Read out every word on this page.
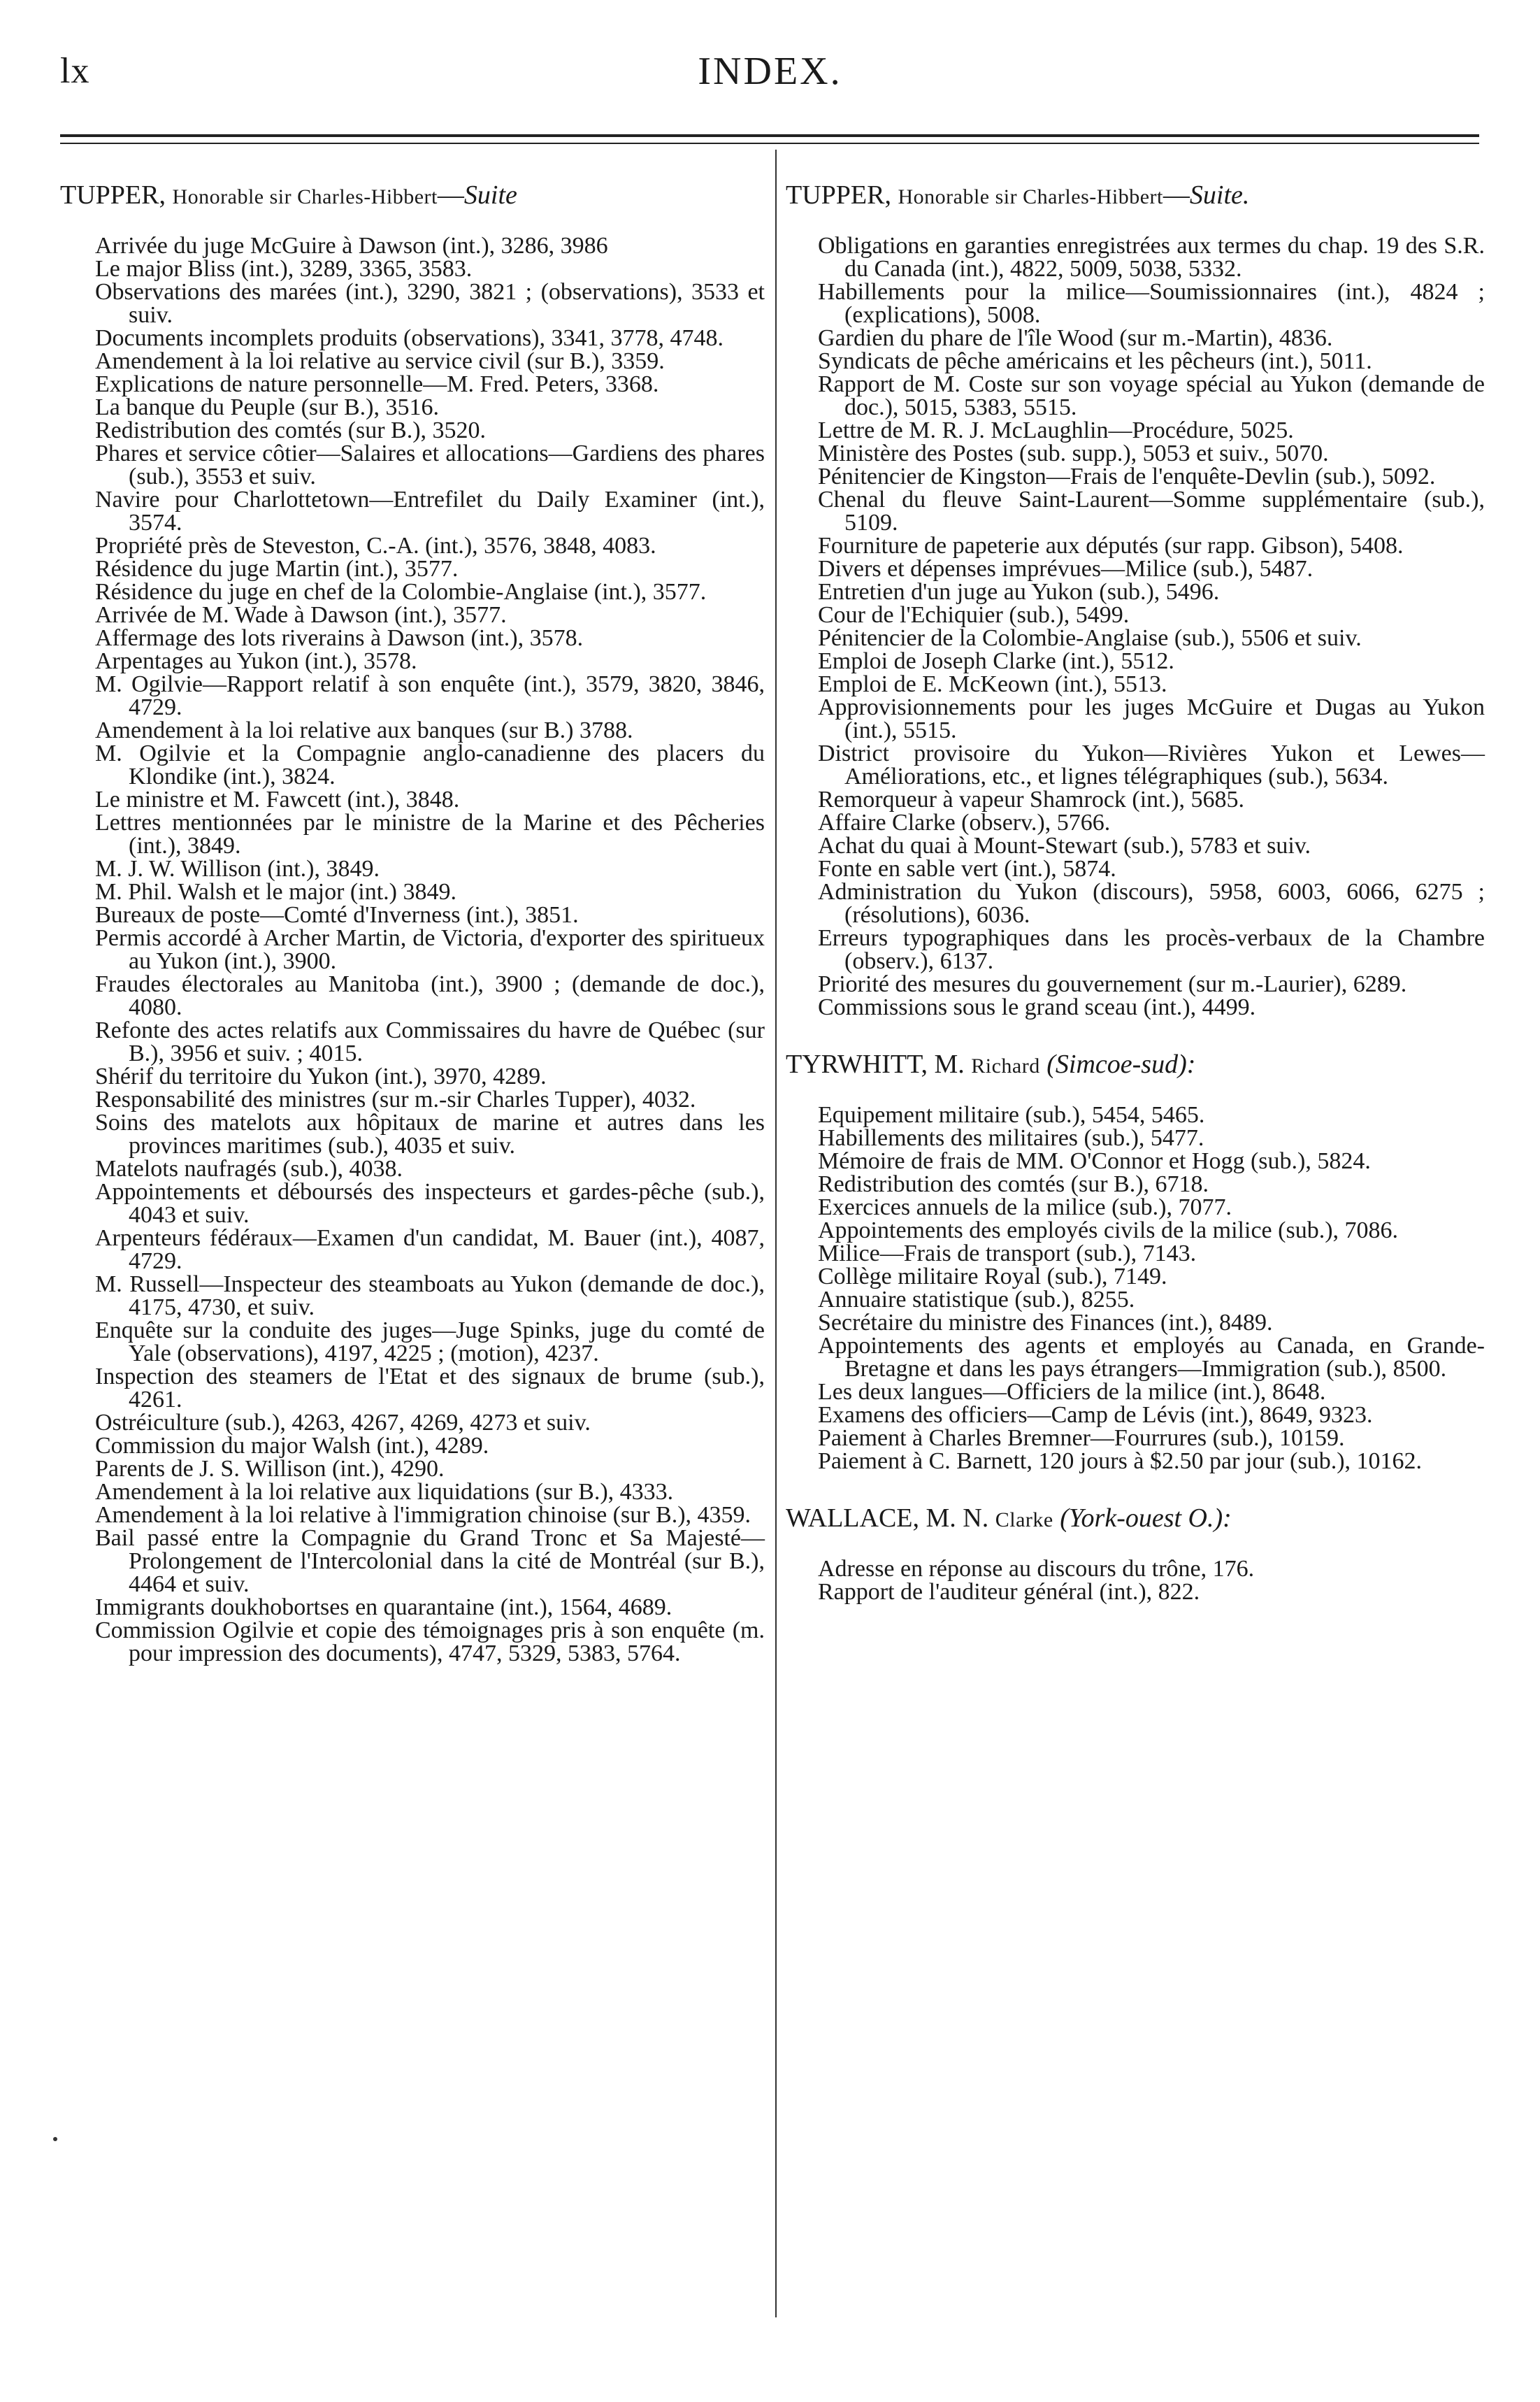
lx	INDEX.
TUPPER, Honorable sir Charles-Hibbert—Suite

Arrivée du juge McGuire à Dawson (int.), 3286, 3986

Le major Bliss (int.), 3289, 3365, 3583.

Observations des marées (int.), 3290, 3821 ; (observations), 3533 et suiv.

Documents incomplets produits (observations), 3341, 3778, 4748.

Amendement à la loi relative au service civil (sur B.), 3359.

Explications de nature personnelle—M. Fred. Peters, 3368.

La banque du Peuple (sur B.), 3516.

Redistribution des comtés (sur B.), 3520.

Phares et service côtier—Salaires et allocations—Gardiens des phares (sub.), 3553 et suiv.

Navire pour Charlottetown—Entrefilet du Daily Examiner (int.), 3574.

Propriété près de Steveston, C.-A. (int.), 3576, 3848, 4083.

Résidence du juge Martin (int.), 3577.

Résidence du juge en chef de la Colombie-Anglaise (int.), 3577.

Arrivée de M. Wade à Dawson (int.), 3577.

Affermage des lots riverains à Dawson (int.), 3578.

Arpentages au Yukon (int.), 3578.

M. Ogilvie—Rapport relatif à son enquête (int.), 3579, 3820, 3846, 4729.

Amendement à la loi relative aux banques (sur B.) 3788.

M. Ogilvie et la Compagnie anglo-canadienne des placers du Klondike (int.), 3824.

Le ministre et M. Fawcett (int.), 3848.

Lettres mentionnées par le ministre de la Marine et des Pêcheries (int.), 3849.

M. J. W. Willison (int.), 3849.

M. Phil. Walsh et le major (int.) 3849.

Bureaux de poste—Comté d'Inverness (int.), 3851.

Permis accordé à Archer Martin, de Victoria, d'exporter des spiritueux au Yukon (int.), 3900.

Fraudes électorales au Manitoba (int.), 3900 ; (demande de doc.), 4080.

Refonte des actes relatifs aux Commissaires du havre de Québec (sur B.), 3956 et suiv. ; 4015.

Shérif du territoire du Yukon (int.), 3970, 4289.

Responsabilité des ministres (sur m.-sir Charles Tupper), 4032.

Soins des matelots aux hôpitaux de marine et autres dans les provinces maritimes (sub.), 4035 et suiv.

Matelots naufragés (sub.), 4038.

Appointements et déboursés des inspecteurs et gardes-pêche (sub.), 4043 et suiv.

Arpenteurs fédéraux—Examen d'un candidat, M. Bauer (int.), 4087, 4729.

M. Russell—Inspecteur des steamboats au Yukon (demande de doc.), 4175, 4730, et suiv.

Enquête sur la conduite des juges—Juge Spinks, juge du comté de Yale (observations), 4197, 4225 ; (motion), 4237.

Inspection des steamers de l'Etat et des signaux de brume (sub.), 4261.

Ostréiculture (sub.), 4263, 4267, 4269, 4273 et suiv.

Commission du major Walsh (int.), 4289.

Parents de J. S. Willison (int.), 4290.

Amendement à la loi relative aux liquidations (sur B.), 4333.

Amendement à la loi relative à l'immigration chinoise (sur B.), 4359.

Bail passé entre la Compagnie du Grand Tronc et Sa Majesté—Prolongement de l'Intercolonial dans la cité de Montréal (sur B.), 4464 et suiv.

Immigrants doukhobortses en quarantaine (int.), 1564, 4689.

Commission Ogilvie et copie des témoignages pris à son enquête (m. pour impression des documents), 4747, 5329, 5383, 5764.

TUPPER, Honorable sir Charles-Hibbert—Suite.

Obligations en garanties enregistrées aux termes du chap. 19 des S.R. du Canada (int.), 4822, 5009, 5038, 5332.

Habillements pour la milice—Soumissionnaires (int.), 4824 ; (explications), 5008.

Gardien du phare de l'île Wood (sur m.-Martin), 4836.

Syndicats de pêche américains et les pêcheurs (int.), 5011.

Rapport de M. Coste sur son voyage spécial au Yukon (demande de doc.), 5015, 5383, 5515.

Lettre de M. R. J. McLaughlin—Procédure, 5025.

Ministère des Postes (sub. supp.), 5053 et suiv., 5070.

Pénitencier de Kingston—Frais de l'enquête-Devlin (sub.), 5092.

Chenal du fleuve Saint-Laurent—Somme supplémentaire (sub.), 5109.

Fourniture de papeterie aux députés (sur rapp. Gibson), 5408.

Divers et dépenses imprévues—Milice (sub.), 5487.

Entretien d'un juge au Yukon (sub.), 5496.

Cour de l'Echiquier (sub.), 5499.

Pénitencier de la Colombie-Anglaise (sub.), 5506 et suiv.

Emploi de Joseph Clarke (int.), 5512.

Emploi de E. McKeown (int.), 5513.

Approvisionnements pour les juges McGuire et Dugas au Yukon (int.), 5515.

District provisoire du Yukon—Rivières Yukon et Lewes—Améliorations, etc., et lignes télégraphiques (sub.), 5634.

Remorqueur à vapeur Shamrock (int.), 5685.

Affaire Clarke (observ.), 5766.

Achat du quai à Mount-Stewart (sub.), 5783 et suiv.

Fonte en sable vert (int.), 5874.

Administration du Yukon (discours), 5958, 6003, 6066, 6275 ; (résolutions), 6036.

Erreurs typographiques dans les procès-verbaux de la Chambre (observ.), 6137.

Priorité des mesures du gouvernement (sur m.-Laurier), 6289.

Commissions sous le grand sceau (int.), 4499.

TYRWHITT, M. Richard (Simcoe-sud):

Equipement militaire (sub.), 5454, 5465.

Habillements des militaires (sub.), 5477.

Mémoire de frais de MM. O'Connor et Hogg (sub.), 5824.

Redistribution des comtés (sur B.), 6718.

Exercices annuels de la milice (sub.), 7077.

Appointements des employés civils de la milice (sub.), 7086.

Milice—Frais de transport (sub.), 7143.

Collège militaire Royal (sub.), 7149.

Annuaire statistique (sub.), 8255.

Secrétaire du ministre des Finances (int.), 8489.

Appointements des agents et employés au Canada, en Grande-Bretagne et dans les pays étrangers—Immigration (sub.), 8500.

Les deux langues—Officiers de la milice (int.), 8648.

Examens des officiers—Camp de Lévis (int.), 8649, 9323.

Paiement à Charles Bremner—Fourrures (sub.), 10159.

Paiement à C. Barnett, 120 jours à $2.50 par jour (sub.), 10162.

WALLACE, M. N. Clarke (York-ouest O.):

Adresse en réponse au discours du trône, 176.

Rapport de l'auditeur général (int.), 822.
